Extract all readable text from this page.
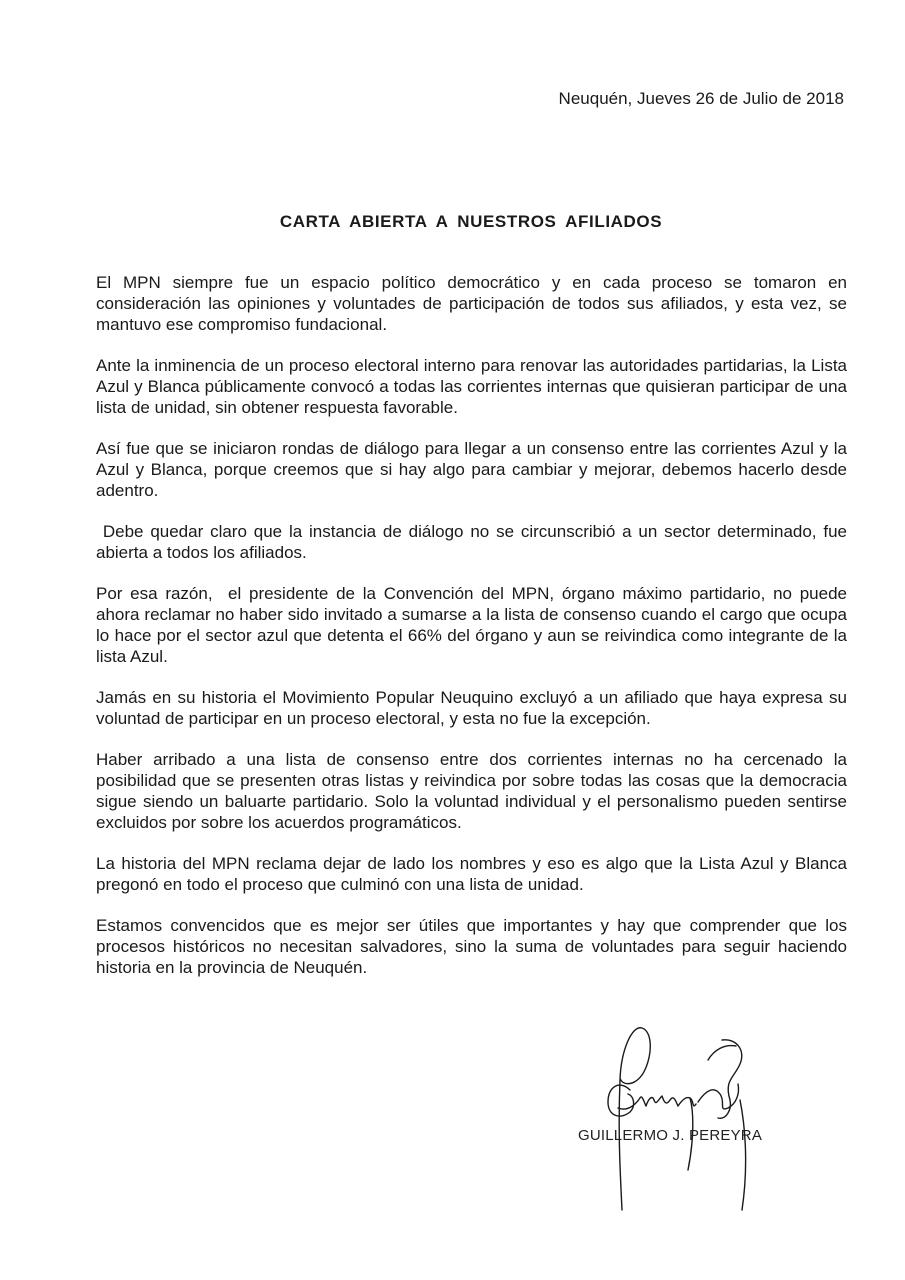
Neuquén, Jueves 26 de Julio de 2018
CARTA ABIERTA A NUESTROS AFILIADOS

El MPN siempre fue un espacio político democrático y en cada proceso se tomaron en consideración las opiniones y voluntades de participación de todos sus afiliados, y esta vez, se mantuvo ese compromiso fundacional.

Ante la inminencia de un proceso electoral interno para renovar las autoridades partidarias, la Lista Azul y Blanca públicamente convocó a todas las corrientes internas que quisieran participar de una lista de unidad, sin obtener respuesta favorable.

Así fue que se iniciaron rondas de diálogo para llegar a un consenso entre las corrientes Azul y la Azul y Blanca, porque creemos que si hay algo para cambiar y mejorar, debemos hacerlo desde adentro.

Debe quedar claro que la instancia de diálogo no se circunscribió a un sector determinado, fue abierta a todos los afiliados.

Por esa razón,  el presidente de la Convención del MPN, órgano máximo partidario, no puede ahora reclamar no haber sido invitado a sumarse a la lista de consenso cuando el cargo que ocupa lo hace por el sector azul que detenta el 66% del órgano y aun se reivindica como integrante de la lista Azul.

Jamás en su historia el Movimiento Popular Neuquino excluyó a un afiliado que haya expresa su voluntad de participar en un proceso electoral, y esta no fue la excepción.

Haber arribado a una lista de consenso entre dos corrientes internas no ha cercenado la posibilidad que se presenten otras listas y reivindica por sobre todas las cosas que la democracia sigue siendo un baluarte partidario. Solo la voluntad individual y el personalismo pueden sentirse excluidos por sobre los acuerdos programáticos.

La historia del MPN reclama dejar de lado los nombres y eso es algo que la Lista Azul y Blanca pregonó en todo el proceso que culminó con una lista de unidad.

Estamos convencidos que es mejor ser útiles que importantes y hay que comprender que los procesos históricos no necesitan salvadores, sino la suma de voluntades para seguir haciendo historia en la provincia de Neuquén.

GUILLERMO J. PEREYRA
